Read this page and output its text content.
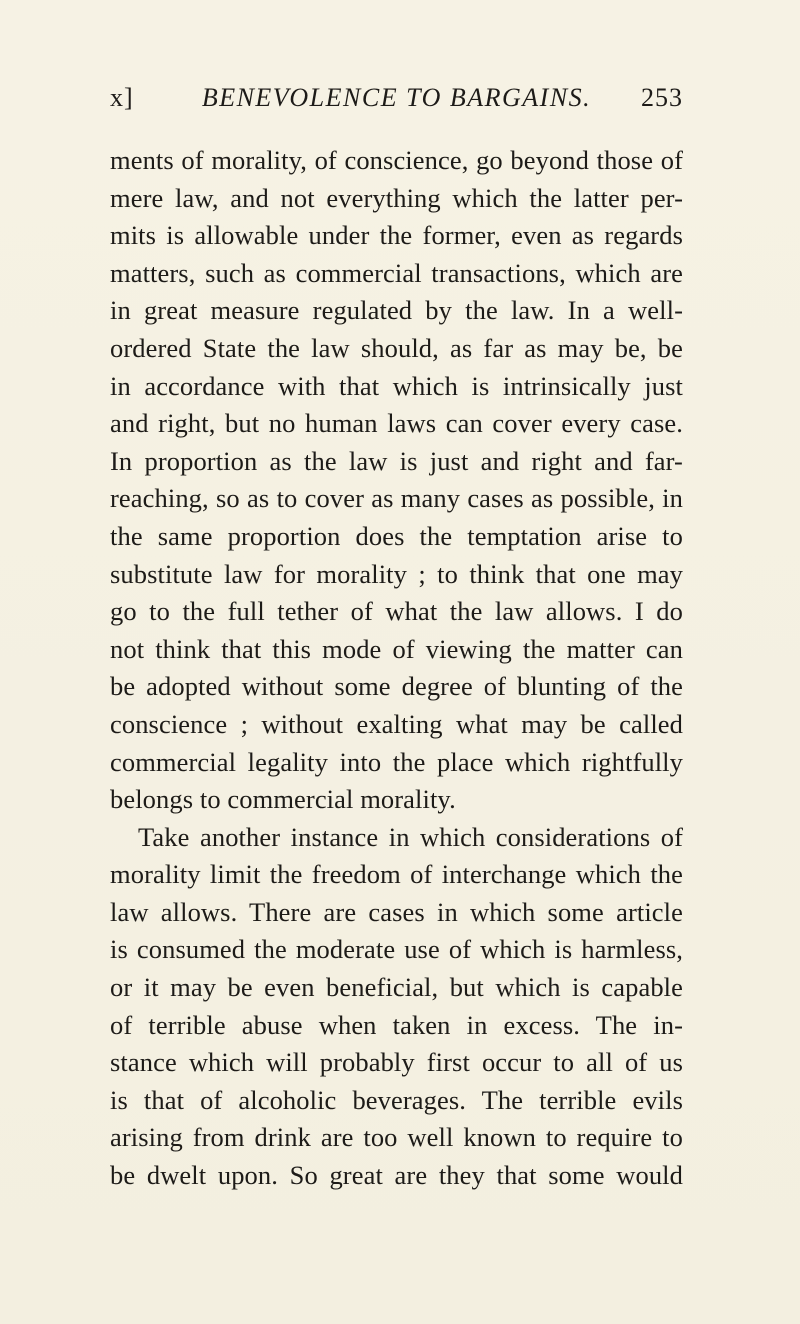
x]	BENEVOLENCE TO BARGAINS.	253
ments of morality, of conscience, go beyond those of
mere law, and not everything which the latter per-
mits is allowable under the former, even as regards
matters, such as commercial transactions, which are
in great measure regulated by the law. In a well-
ordered State the law should, as far as may be, be
in accordance with that which is intrinsically just
and right, but no human laws can cover every case.
In proportion as the law is just and right and far-
reaching, so as to cover as many cases as possible, in
the same proportion does the temptation arise to
substitute law for morality ; to think that one may
go to the full tether of what the law allows. I do
not think that this mode of viewing the matter can
be adopted without some degree of blunting of the
conscience ; without exalting what may be called
commercial legality into the place which rightfully
belongs to commercial morality.
Take another instance in which considerations of
morality limit the freedom of interchange which the
law allows. There are cases in which some article
is consumed the moderate use of which is harmless,
or it may be even beneficial, but which is capable
of terrible abuse when taken in excess. The in-
stance which will probably first occur to all of us
is that of alcoholic beverages. The terrible evils
arising from drink are too well known to require to
be dwelt upon. So great are they that some would
